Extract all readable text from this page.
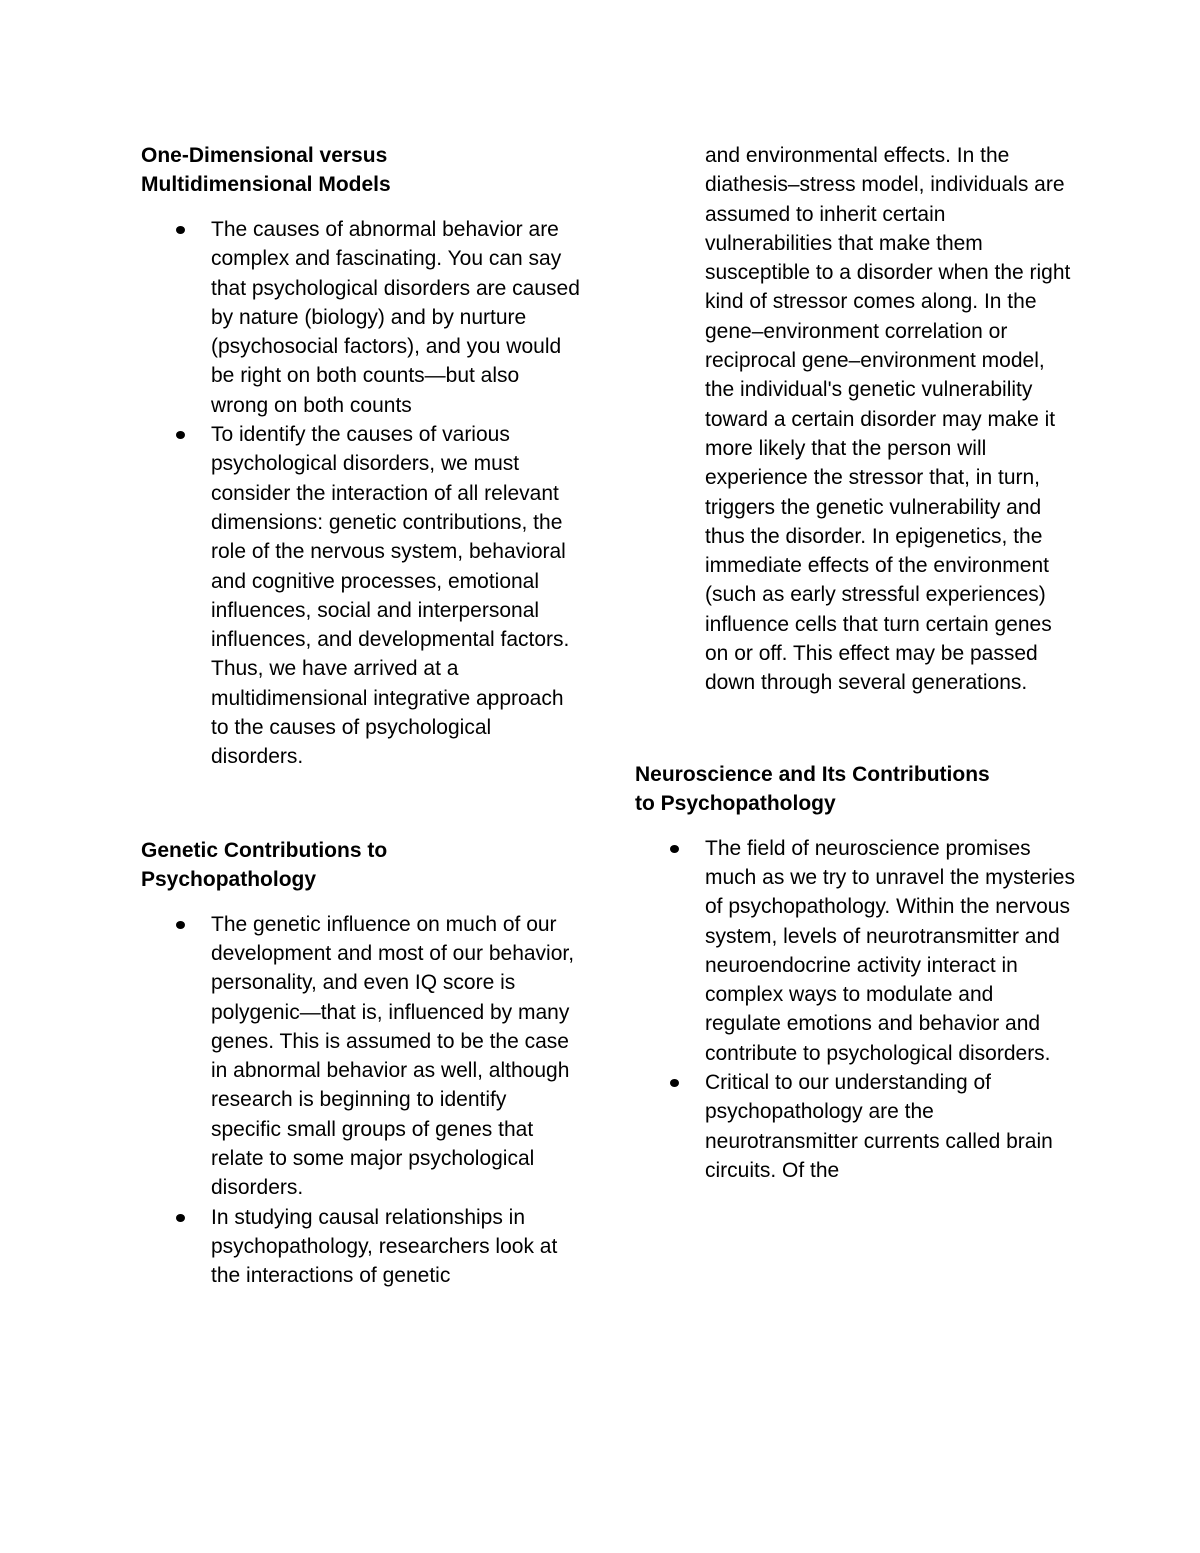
One-Dimensional versus
Multidimensional Models
The causes of abnormal behavior are complex and fascinating. You can say that psychological disorders are caused by nature (biology) and by nurture (psychosocial factors), and you would be right on both counts—but also wrong on both counts
To identify the causes of various psychological disorders, we must consider the interaction of all relevant dimensions: genetic contributions, the role of the nervous system, behavioral and cognitive processes, emotional influences, social and interpersonal influences, and developmental factors. Thus, we have arrived at a multidimensional integrative approach to the causes of psychological disorders.
Genetic Contributions to
Psychopathology
The genetic influence on much of our development and most of our behavior, personality, and even IQ score is polygenic—that is, influenced by many genes. This is assumed to be the case in abnormal behavior as well, although research is beginning to identify specific small groups of genes that relate to some major psychological disorders.
In studying causal relationships in psychopathology, researchers look at the interactions of genetic

and environmental effects. In the diathesis–stress model, individuals are assumed to inherit certain vulnerabilities that make them susceptible to a disorder when the right kind of stressor comes along. In the gene–environment correlation or reciprocal gene–environment model, the individual's genetic vulnerability toward a certain disorder may make it more likely that the person will experience the stressor that, in turn, triggers the genetic vulnerability and thus the disorder. In epigenetics, the immediate effects of the environment (such as early stressful experiences) influence cells that turn certain genes on or off. This effect may be passed down through several generations.

Neuroscience and Its Contributions
to Psychopathology
The field of neuroscience promises much as we try to unravel the mysteries of psychopathology. Within the nervous system, levels of neurotransmitter and neuroendocrine activity interact in complex ways to modulate and regulate emotions and behavior and contribute to psychological disorders.
Critical to our understanding of psychopathology are the neurotransmitter currents called brain circuits. Of the
